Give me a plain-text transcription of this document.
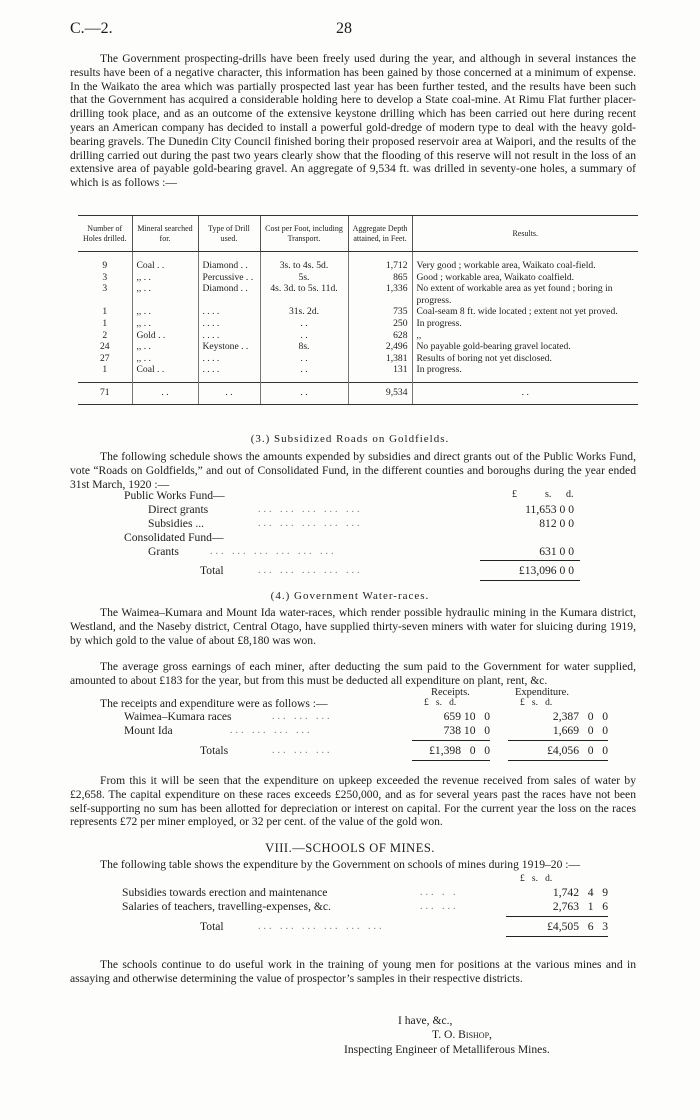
C.—2.	28

The Government prospecting-drills have been freely used during the year, and although in several instances the results have been of a negative character, this information has been gained by those concerned at a minimum of expense. In the Waikato the area which was partially prospected last year has been further tested, and the results have been such that the Government has acquired a considerable holding here to develop a State coal-mine. At Rimu Flat further placer-drilling took place, and as an outcome of the extensive keystone drilling which has been carried out here during recent years an American company has decided to install a powerful gold-dredge of modern type to deal with the heavy gold-bearing gravels. The Dunedin City Council finished boring their proposed reservoir area at Waipori, and the results of the drilling carried out during the past two years clearly show that the flooding of this reserve will not result in the loss of an extensive area of payable gold-bearing gravel. An aggregate of 9,534 ft. was drilled in seventy-one holes, a summary of which is as follows :—

Number of Holes drilled.	Mineral searched for.	Type of Drill used.	Cost per Foot, including Transport.	Aggregate Depth attained, in Feet.	Results.
9	Coal . .	Diamond . .	3s. to 4s. 5d.	1,712	Very good ; workable area, Waikato coal-field.
3	,, . .	Percussive . .	5s.	865	Good ; workable area, Waikato coalfield.
3	,, . .	Diamond . .	4s. 3d. to 5s. 11d.	1,336	No extent of workable area as yet found ; boring in progress.
1	,, . .	. . . .	31s. 2d.	735	Coal-seam 8 ft. wide located ; extent not yet proved.
1	,, . .	. . . .	. .	250	In progress.
2	Gold . .	. . . .	. .	628	,,
24	,, . .	Keystone . .	8s.	2,496	No payable gold-bearing gravel located.
27	,, . .	. . . .	. .	1,381	Results of boring not yet disclosed.
1	Coal . .	. . . .	. .	131	In progress.
71	. .	. .	. .	9,534	. .
(3.) Subsidized Roads on Goldfields.

The following schedule shows the amounts expended by subsidies and direct grants out of the Public Works Fund, vote “Roads on Goldfields,” and out of Consolidated Fund, in the different counties and boroughs during the year ended 31st March, 1920 :—

£	s. d.
Public Works Fund—
Direct grants	... ... ... ... ...	11,653 0 0
Subsidies ...	... ... ... ... ...	812 0 0
Consolidated Fund—
Grants	... ... ... ... ... ...	631 0 0
Total	... ... ... ... ...	£13,096 0 0
(4.) Government Water-races.

The Waimea–Kumara and Mount Ida water-races, which render possible hydraulic mining in the Kumara district, Westland, and the Naseby district, Central Otago, have supplied thirty-seven miners with water for sluicing during 1919, by which gold to the value of about £8,180 was won.

The average gross earnings of each miner, after deducting the sum paid to the Government for water supplied, amounted to about £183 for the year, but from this must be deducted all expenditure on plant, rent, &c.

Receipts.	Expenditure.
The receipts and expenditure were as follows :—	£   s.   d.	£   s.   d.
Waimea–Kumara races	... ... ...	659 10   0	2,387   0   0
Mount Ida	... ... ... ...	738 10   0	1,669   0   0
Totals	... ... ...	£1,398   0   0	£4,056   0   0

From this it will be seen that the expenditure on upkeep exceeded the revenue received from sales of water by £2,658. The capital expenditure on these races exceeds £250,000, and as for several years past the races have not been self-supporting no sum has been allotted for depreciation or interest on capital. For the current year the loss on the races represents £72 per miner employed, or 32 per cent. of the value of the gold won.

VIII.—SCHOOLS OF MINES.

The following table shows the expenditure by the Government on schools of mines during 1919–20 :—

£   s.   d.
Subsidies towards erection and maintenance	... . .	1,742   4   9
Salaries of teachers, travelling-expenses, &c.	... ...	2,763   1   6
Total	... ... ... ... ... ...	£4,505   6   3

The schools continue to do useful work in the training of young men for positions at the various mines and in assaying and otherwise determining the value of prospector’s samples in their respective districts.

I have, &c.,
T. O. Bishop,
Inspecting Engineer of Metalliferous Mines.
